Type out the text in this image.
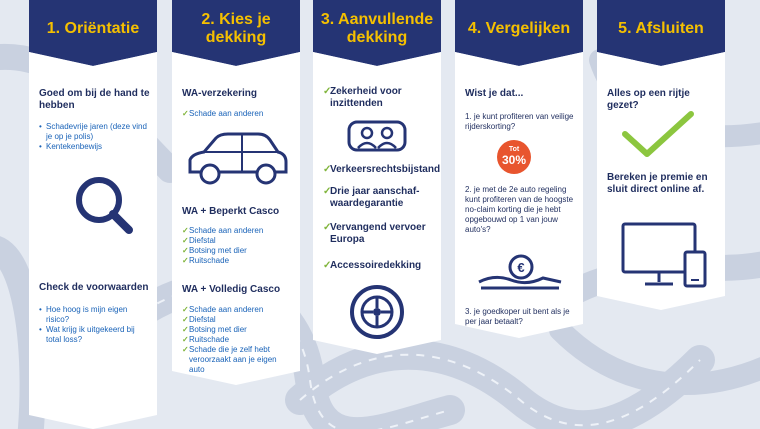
1. Oriëntatie
Goed om bij de hand te hebben
• Schadevrije jaren (deze vind je op je polis)
• Kentekenbewijs
Check de voorwaarden
• Hoe hoog is mijn eigen risico?
• Wat krijg ik uitgekeerd bij total loss?
2. Kies je dekking
WA-verzekering
✓ Schade aan anderen
WA + Beperkt Casco
✓ Schade aan anderen
✓ Diefstal
✓ Botsing met dier
✓ Ruitschade
WA + Volledig Casco
✓ Schade aan anderen
✓ Diefstal
✓ Botsing met dier
✓ Ruitschade
✓ Schade die je zelf hebt veroorzaakt aan je eigen auto
3. Aanvullende dekking
✓ Zekerheid voor inzittenden
✓ Verkeersrechtsbijstand
✓ Drie jaar aanschaf-waardegarantie
✓ Vervangend vervoer Europa
✓ Accessoiredekking
4. Vergelijken
Wist je dat...
1. je kunt profiteren van veilige rijderskorting?
Tot
30%
2. je met de 2e auto regeling kunt profiteren van de hoogste no-claim korting die je hebt opgebouwd op 1 van jouw auto's?
€
3. je goedkoper uit bent als je per jaar betaalt?
5. Afsluiten
Alles op een rijtje gezet?
Bereken je premie en sluit direct online af.
